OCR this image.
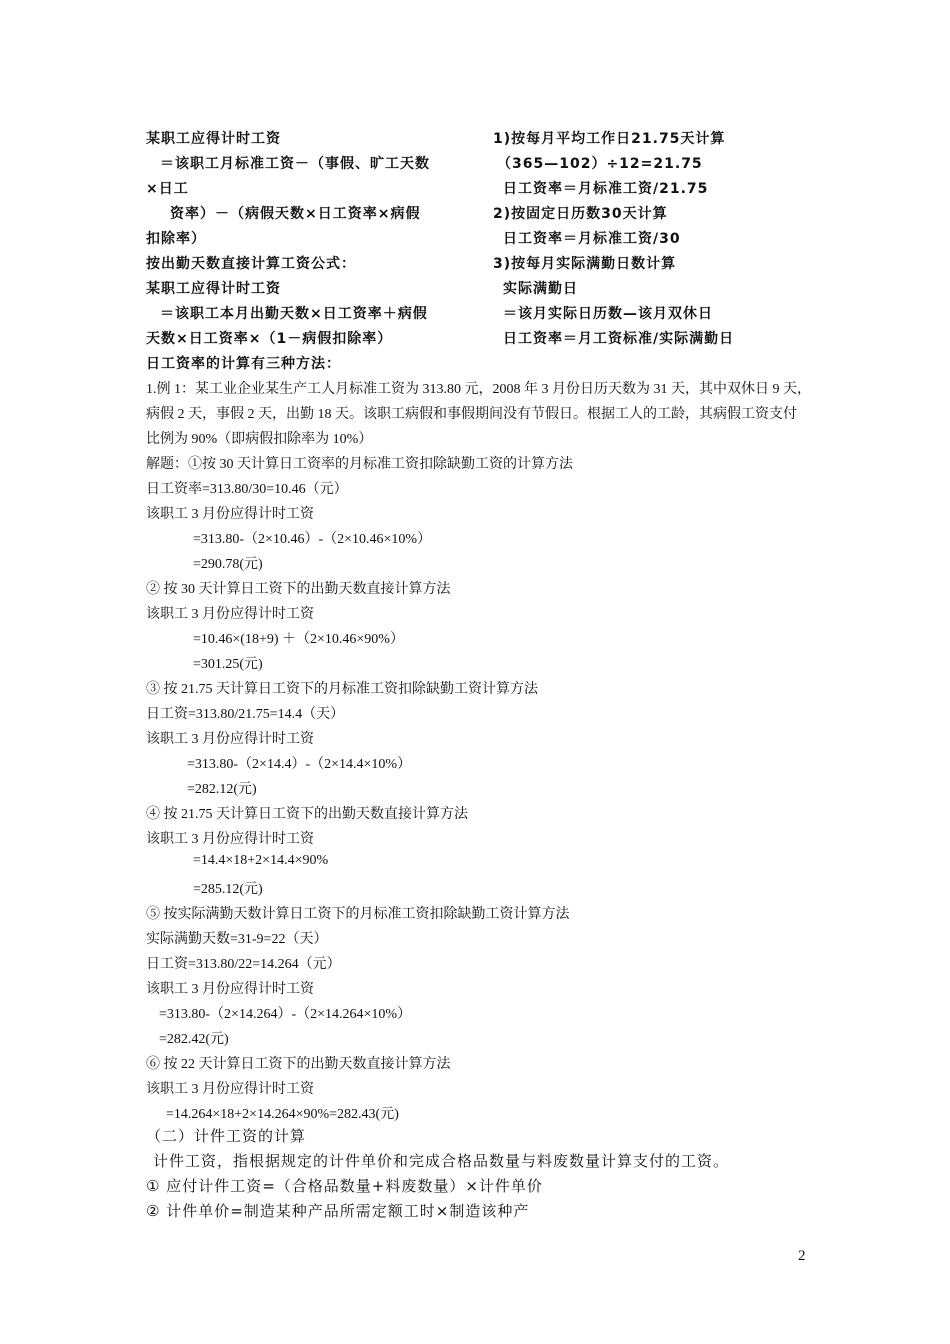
某职工应得计时工资
＝该职工月标准工资－（事假、旷工天数
×日工
资率）－（病假天数×日工资率×病假
扣除率）
按出勤天数直接计算工资公式：
某职工应得计时工资
＝该职工本月出勤天数×日工资率＋病假
天数×日工资率×（1－病假扣除率）
日工资率的计算有三种方法：
1)按每月平均工作日21.75天计算
（365—102）÷12=21.75
日工资率＝月标准工资/21.75
2)按固定日历数30天计算
日工资率＝月标准工资/30
3)按每月实际满勤日数计算
实际满勤日
＝该月实际日历数—该月双休日
日工资率＝月工资标准/实际满勤日
1.例 1：某工业企业某生产工人月标准工资为 313.80 元，2008 年 3 月份日历天数为 31 天，其中双休日 9 天，
病假 2 天，事假 2 天，出勤 18 天。该职工病假和事假期间没有节假日。根据工人的工龄，其病假工资支付
比例为 90%（即病假扣除率为 10%）
解题：①按 30 天计算日工资率的月标准工资扣除缺勤工资的计算方法
日工资率=313.80/30=10.46（元）
该职工 3 月份应得计时工资
=313.80-（2×10.46）-（2×10.46×10%）
=290.78(元)
② 按 30 天计算日工资下的出勤天数直接计算方法
该职工 3 月份应得计时工资
=10.46×(18+9) ＋（2×10.46×90%）
=301.25(元)
③ 按 21.75 天计算日工资下的月标准工资扣除缺勤工资计算方法
日工资=313.80/21.75=14.4（天）
该职工 3 月份应得计时工资
=313.80-（2×14.4）-（2×14.4×10%）
=282.12(元)
④ 按 21.75 天计算日工资下的出勤天数直接计算方法
该职工 3 月份应得计时工资
=14.4×18+2×14.4×90%
=285.12(元)
⑤ 按实际满勤天数计算日工资下的月标准工资扣除缺勤工资计算方法
实际满勤天数=31-9=22（天）
日工资=313.80/22=14.264（元）
该职工 3 月份应得计时工资
=313.80-（2×14.264）-（2×14.264×10%）
=282.42(元)
⑥ 按 22 天计算日工资下的出勤天数直接计算方法
该职工 3 月份应得计时工资
=14.264×18+2×14.264×90%=282.43(元)
（二）计件工资的计算
计件工资，指根据规定的计件单价和完成合格品数量与料废数量计算支付的工资。
① 应付计件工资=（合格品数量+料废数量）×计件单价
② 计件单价=制造某种产品所需定额工时×制造该种产
2
